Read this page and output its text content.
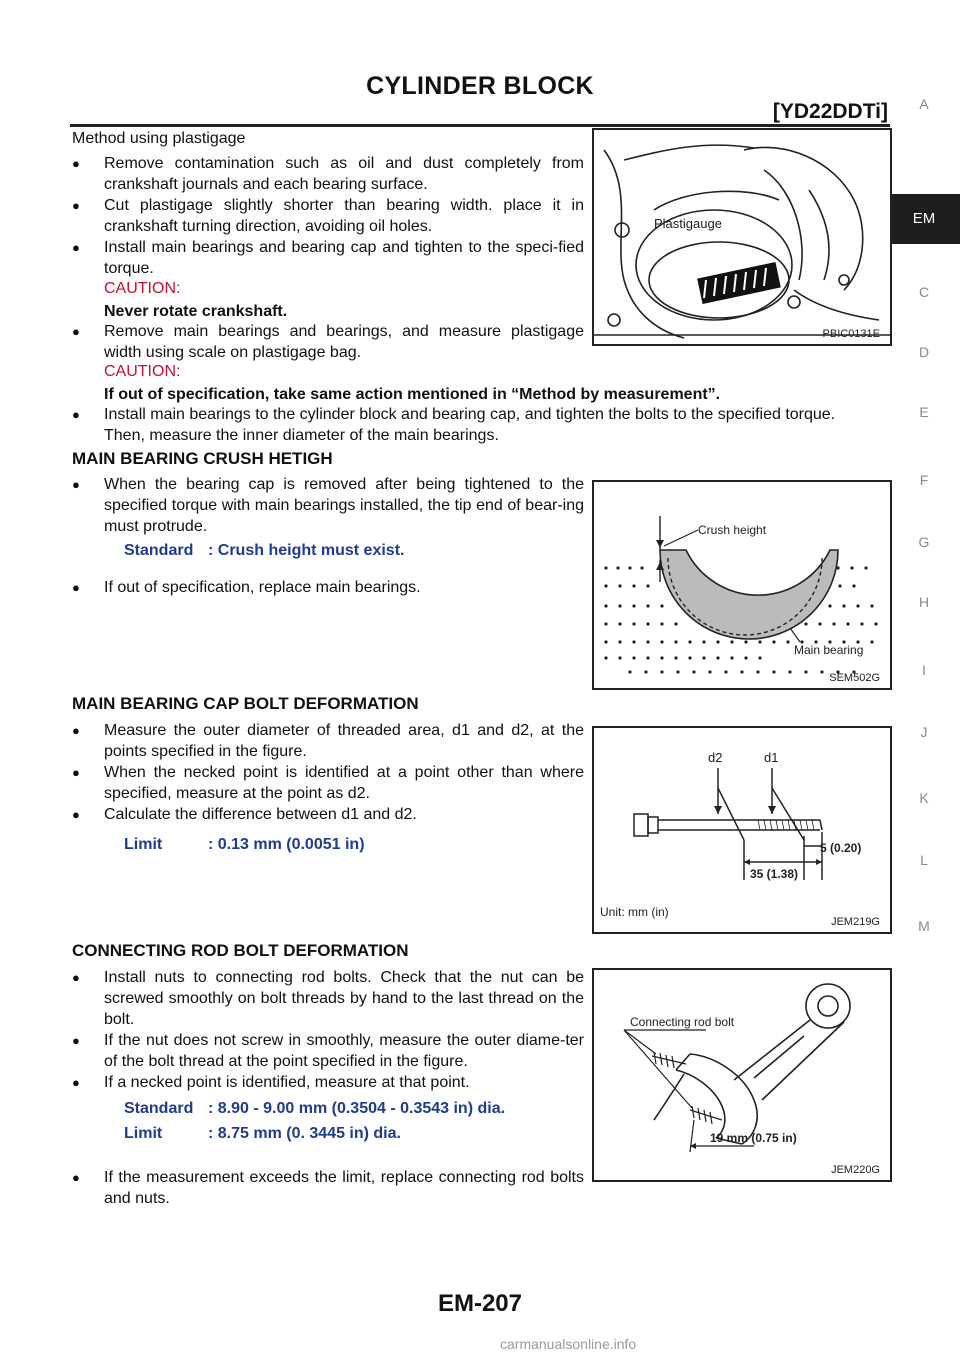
CYLINDER BLOCK
[YD22DDTi]	A
EM
C
D
E
F
G
H
I
J
K
L
M
Method using plastigage
● Remove contamination such as oil and dust completely from crankshaft journals and each bearing surface.
● Cut plastigage slightly shorter than bearing width. place it in crankshaft turning direction, avoiding oil holes.
● Install main bearings and bearing cap and tighten to the speci-fied torque.
CAUTION:
Never rotate crankshaft.
● Remove main bearings and bearings, and measure plastigage width using scale on plastigage bag.
CAUTION:
If out of specification, take same action mentioned in “Method by measurement”.
● Install main bearings to the cylinder block and bearing cap, and tighten the bolts to the specified torque.
Then, measure the inner diameter of the main bearings.
Plastigauge
PBIC0131E
MAIN BEARING CRUSH HETIGH
● When the bearing cap is removed after being tightened to the specified torque with main bearings installed, the tip end of bear-ing must protrude.
Standard : Crush height must exist.
● If out of specification, replace main bearings.
Crush height
Main bearing
SEM502G
MAIN BEARING CAP BOLT DEFORMATION
● Measure the outer diameter of threaded area, d1 and d2, at the points specified in the figure.
● When the necked point is identified at a point other than where specified, measure at the point as d2.
● Calculate the difference between d1 and d2.
Limit	: 0.13 mm (0.0051 in)
d2	d1
5 (0.20)
35 (1.38)
Unit: mm (in)
JEM219G
CONNECTING ROD BOLT DEFORMATION
● Install nuts to connecting rod bolts. Check that the nut can be screwed smoothly on bolt threads by hand to the last thread on the bolt.
● If the nut does not screw in smoothly, measure the outer diame-ter of the bolt thread at the point specified in the figure.
● If a necked point is identified, measure at that point.
Standard : 8.90 - 9.00 mm (0.3504 - 0.3543 in) dia.
Limit	: 8.75 mm (0. 3445 in) dia.
● If the measurement exceeds the limit, replace connecting rod bolts and nuts.
Connecting rod bolt
19 mm (0.75 in)
JEM220G
EM-207
carmanualsonline.info
